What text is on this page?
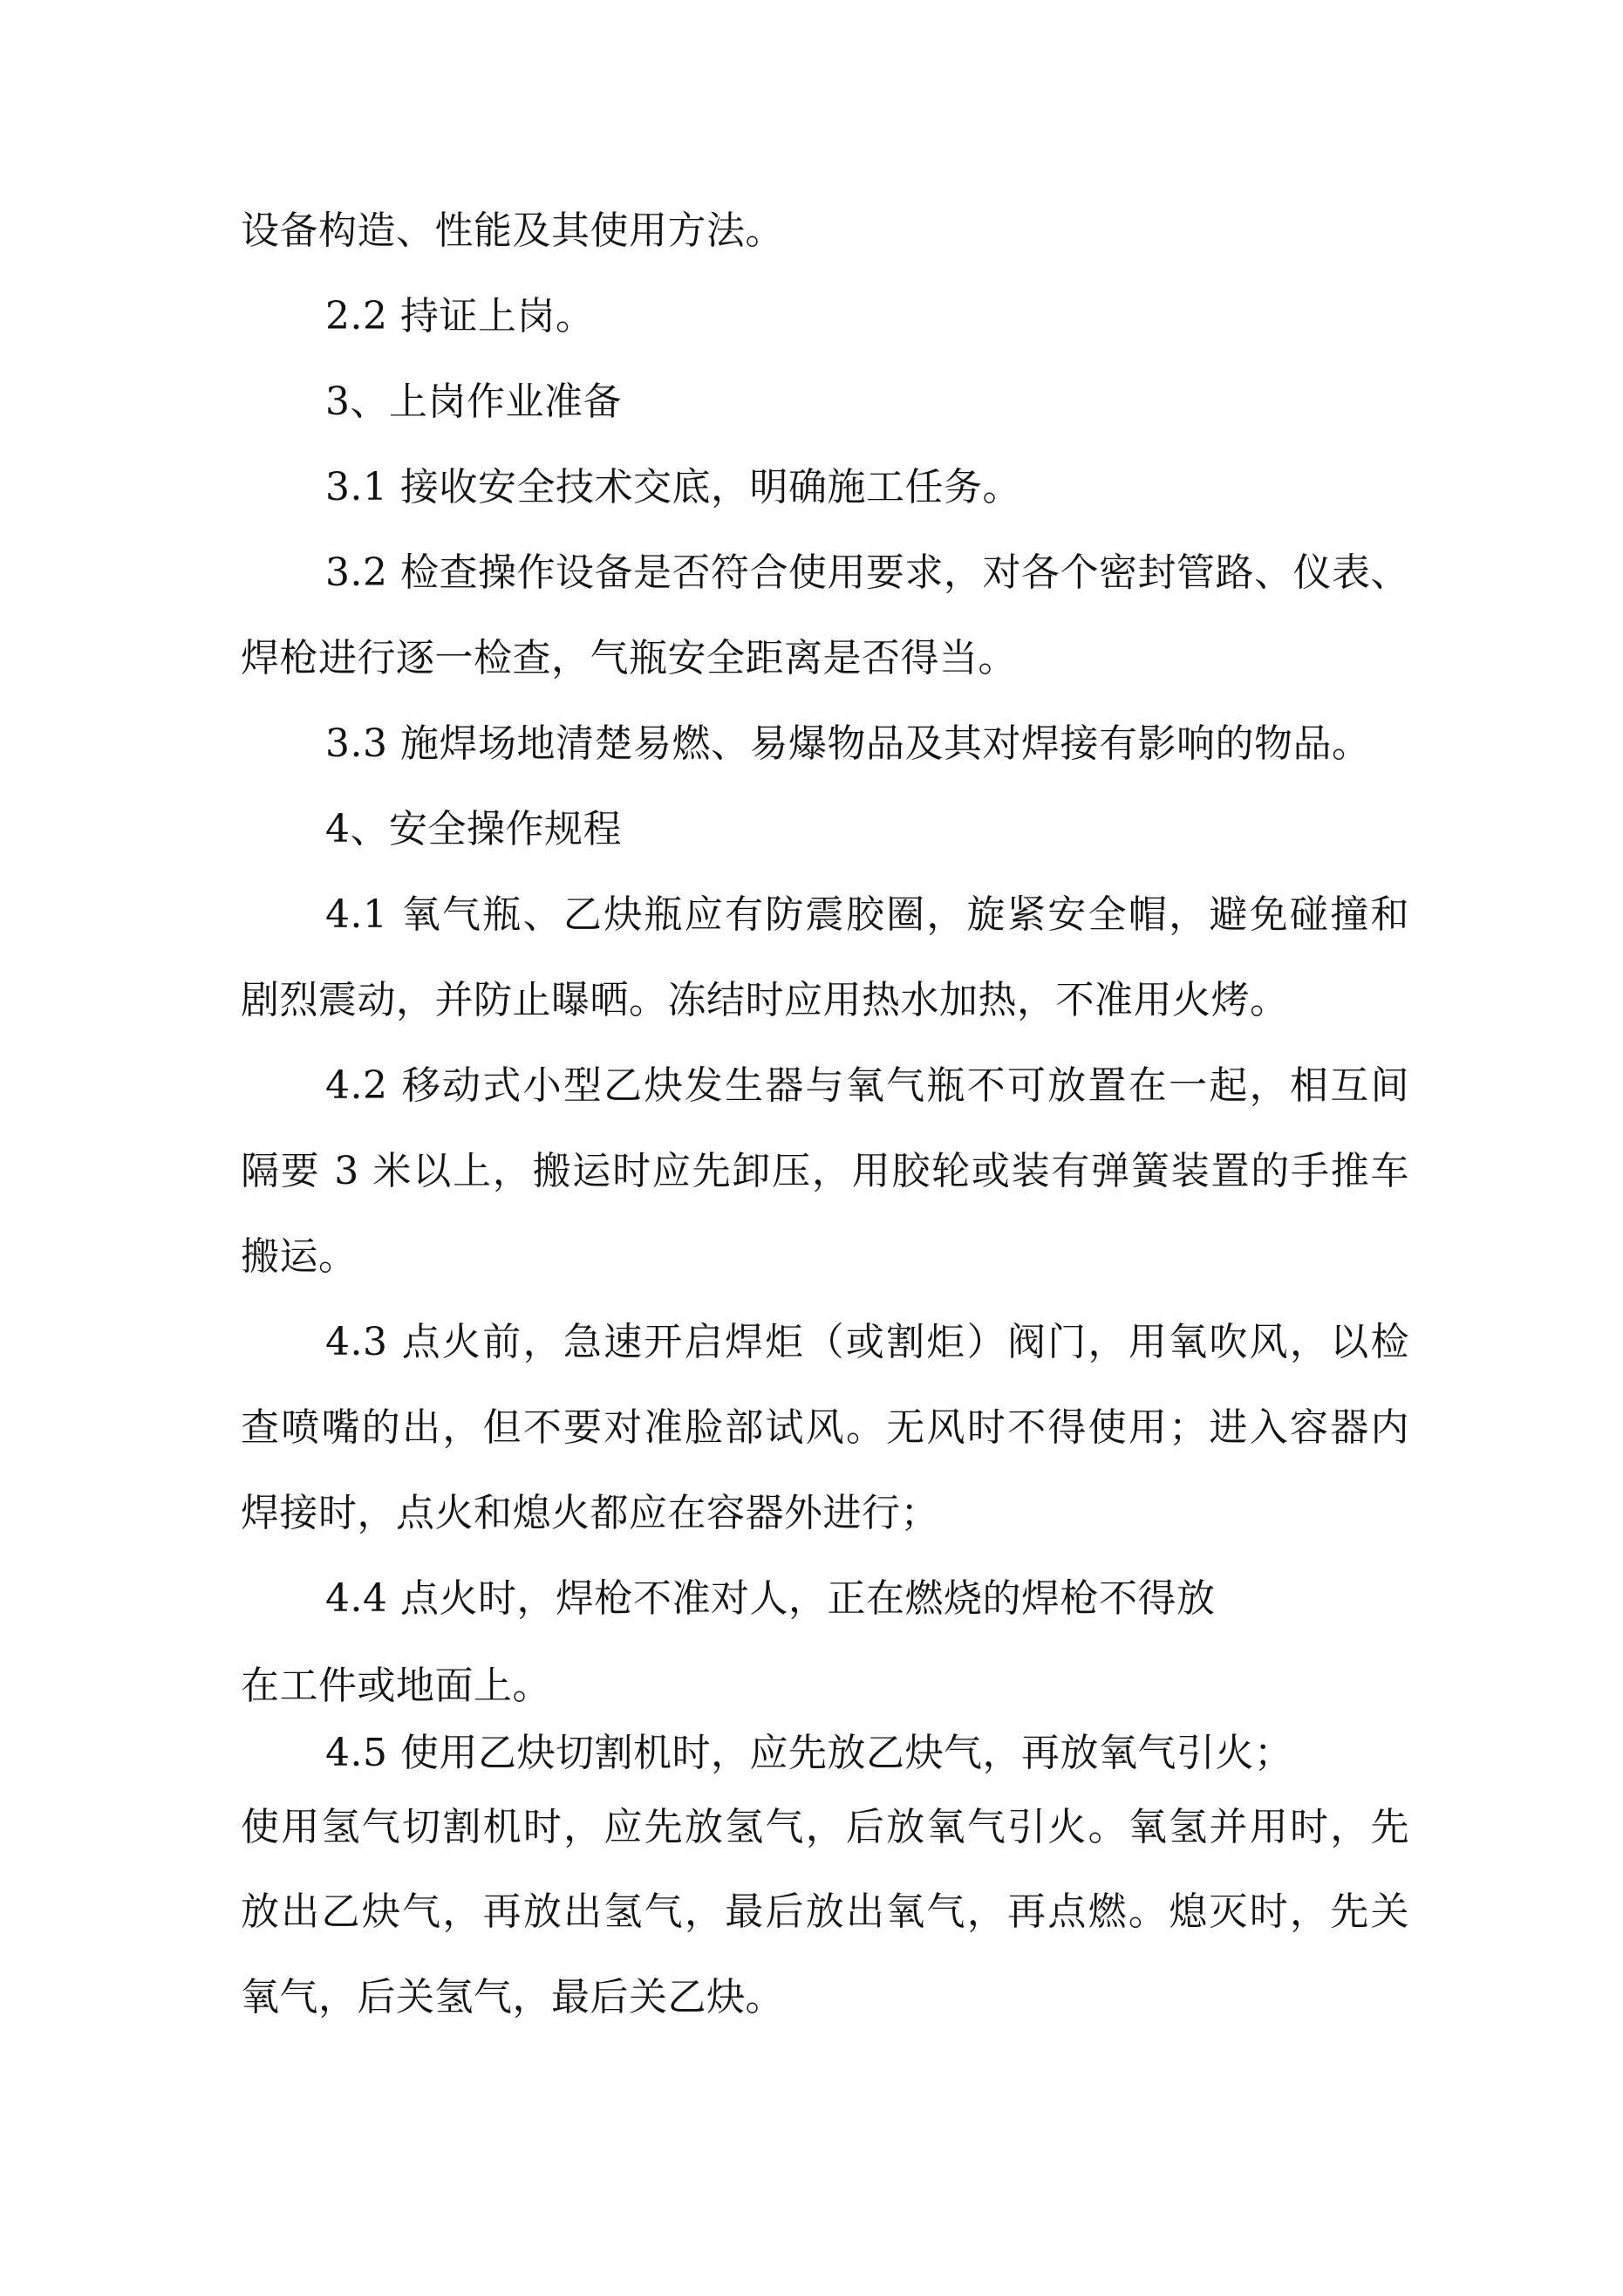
设备构造、性能及其使用方法。
2.2 持证上岗。
3、上岗作业准备
3.1 接收安全技术交底，明确施工任务。
3.2 检查操作设备是否符合使用要求，对各个密封管路、仪表、
焊枪进行逐一检查，气瓶安全距离是否得当。
3.3 施焊场地清楚易燃、易爆物品及其对焊接有影响的物品。
4、安全操作规程
4.1 氧气瓶、乙炔瓶应有防震胶圈，旋紧安全帽，避免碰撞和
剧烈震动，并防止曝晒。冻结时应用热水加热，不准用火烤。
4.2 移动式小型乙炔发生器与氧气瓶不可放置在一起，相互间
隔要 3 米以上，搬运时应先卸压，用胶轮或装有弹簧装置的手推车
搬运。
4.3 点火前，急速开启焊炬（或割炬）阀门，用氧吹风，以检
查喷嘴的出，但不要对准脸部试风。无风时不得使用；进入容器内
焊接时，点火和熄火都应在容器外进行；
4.4 点火时，焊枪不准对人，正在燃烧的焊枪不得放
在工件或地面上。
4.5 使用乙炔切割机时，应先放乙炔气，再放氧气引火；
使用氢气切割机时，应先放氢气，后放氧气引火。氧氢并用时，先
放出乙炔气，再放出氢气，最后放出氧气，再点燃。熄灭时，先关
氧气，后关氢气，最后关乙炔。
